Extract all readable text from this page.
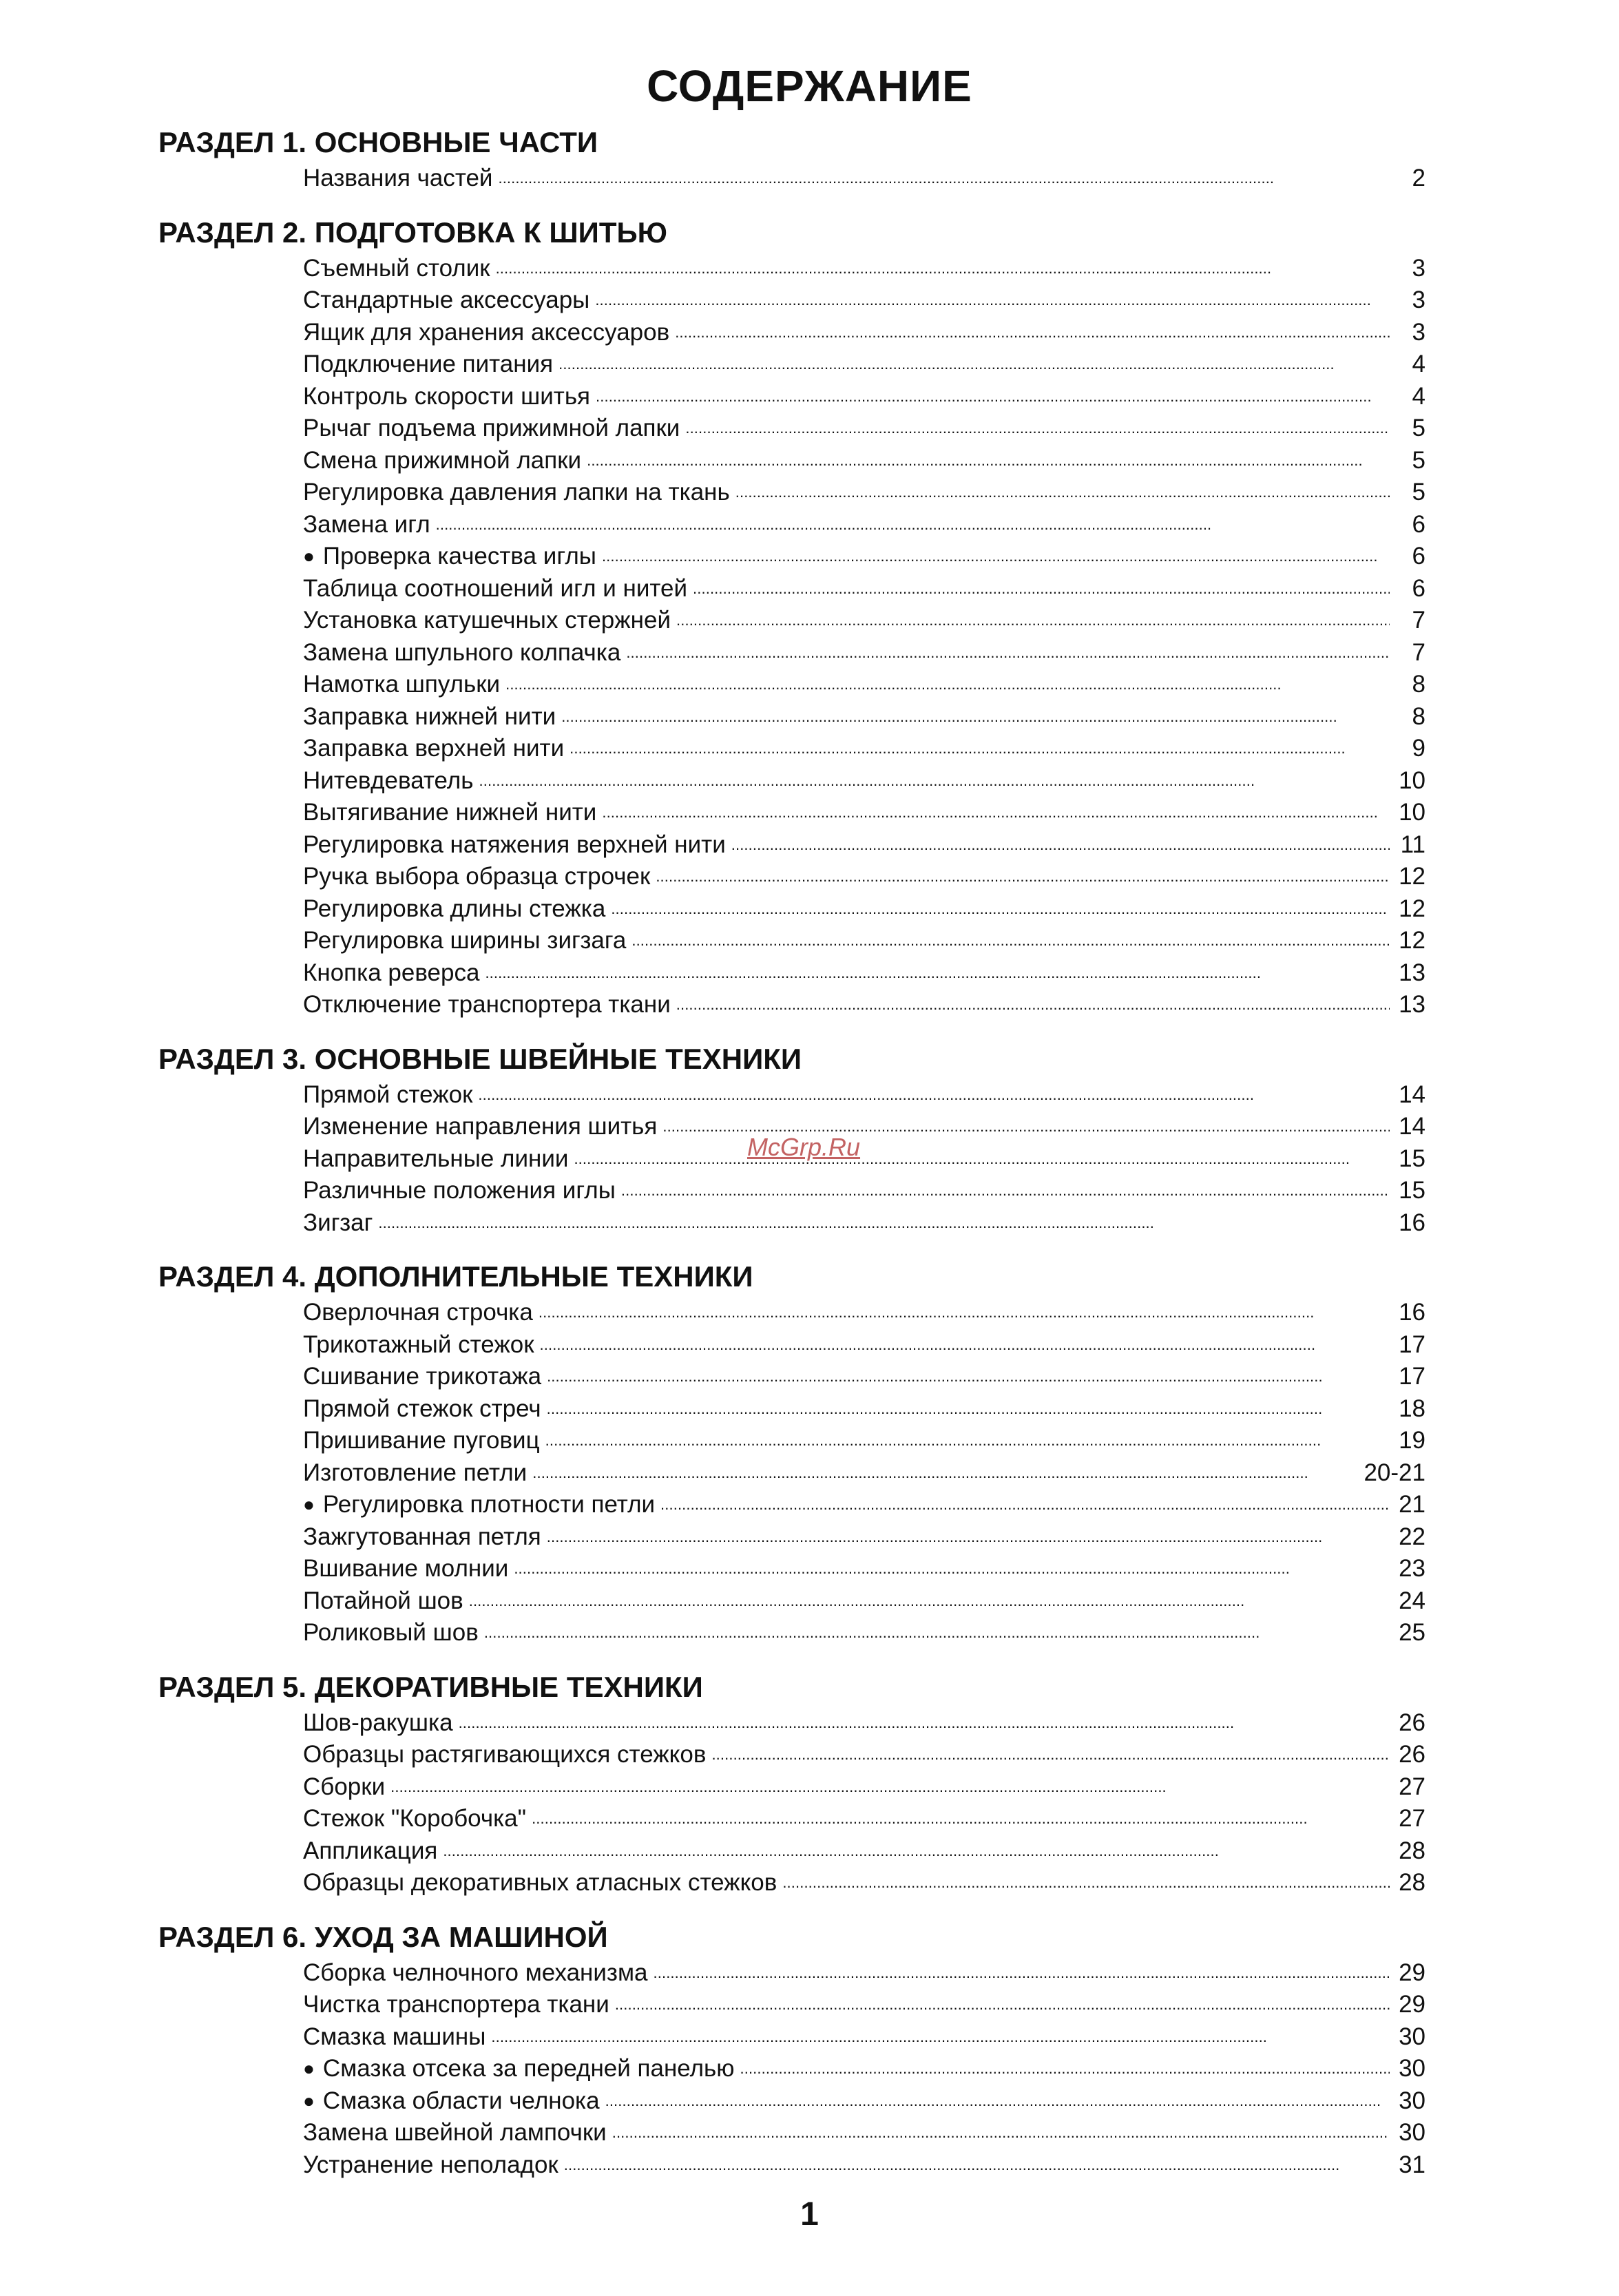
СОДЕРЖАНИЕ
РАЗДЕЛ 1. ОСНОВНЫЕ ЧАСТИ
Названия частей . . .	2
РАЗДЕЛ 2. ПОДГОТОВКА К ШИТЬЮ
Съемный столик . . .	3
Стандартные аксессуары . . .	3
Ящик для хранения аксессуаров . . .	3
Подключение питания . . .	4
Контроль скорости шитья . . .	4
Рычаг подъема прижимной лапки . . .	5
Смена прижимной лапки . . .	5
Регулировка давления лапки на ткань . . .	5
Замена игл . . .	6
● Проверка качества иглы . . .	6
Таблица соотношений игл и нитей . . .	6
Установка катушечных стержней . . .	7
Замена шпульного колпачка . . .	7
Намотка шпульки . . .	8
Заправка нижней нити . . .	8
Заправка верхней нити . . .	9
Нитевдеватель . . .	10
Вытягивание нижней нити . . .	10
Регулировка натяжения верхней нити . . .	11
Ручка выбора образца строчек . . .	12
Регулировка длины стежка . . .	12
Регулировка ширины зигзага . . .	12
Кнопка реверса . . .	13
Отключение транспортера ткани . . .	13
РАЗДЕЛ 3. ОСНОВНЫЕ ШВЕЙНЫЕ ТЕХНИКИ
Прямой стежок . . .	14
Изменение направления шитья . . .	14
Направительные линии . . .	15
Различные положения иглы . . .	15
Зигзаг . . .	16
РАЗДЕЛ 4. ДОПОЛНИТЕЛЬНЫЕ ТЕХНИКИ
Оверлочная строчка . . .	16
Трикотажный стежок . . .	17
Сшивание трикотажа . . .	17
Прямой стежок стреч . . .	18
Пришивание пуговиц . . .	19
Изготовление петли . . .	20-21
● Регулировка плотности петли . . .	21
Зажгутованная петля . . .	22
Вшивание молнии . . .	23
Потайной шов . . .	24
Роликовый шов . . .	25
РАЗДЕЛ 5. ДЕКОРАТИВНЫЕ ТЕХНИКИ
Шов-ракушка . . .	26
Образцы растягивающихся стежков . . .	26
Сборки . . .	27
Стежок "Коробочка" . . .	27
Аппликация . . .	28
Образцы декоративных атласных стежков . . .	28
РАЗДЕЛ 6. УХОД ЗА МАШИНОЙ
Сборка челночного механизма . . .	29
Чистка транспортера ткани . . .	29
Смазка машины . . .	30
● Смазка отсека за передней панелью . . .	30
● Смазка области челнока . . .	30
Замена швейной лампочки . . .	30
Устранение неполадок . . .	31
McGrp.Ru
1
